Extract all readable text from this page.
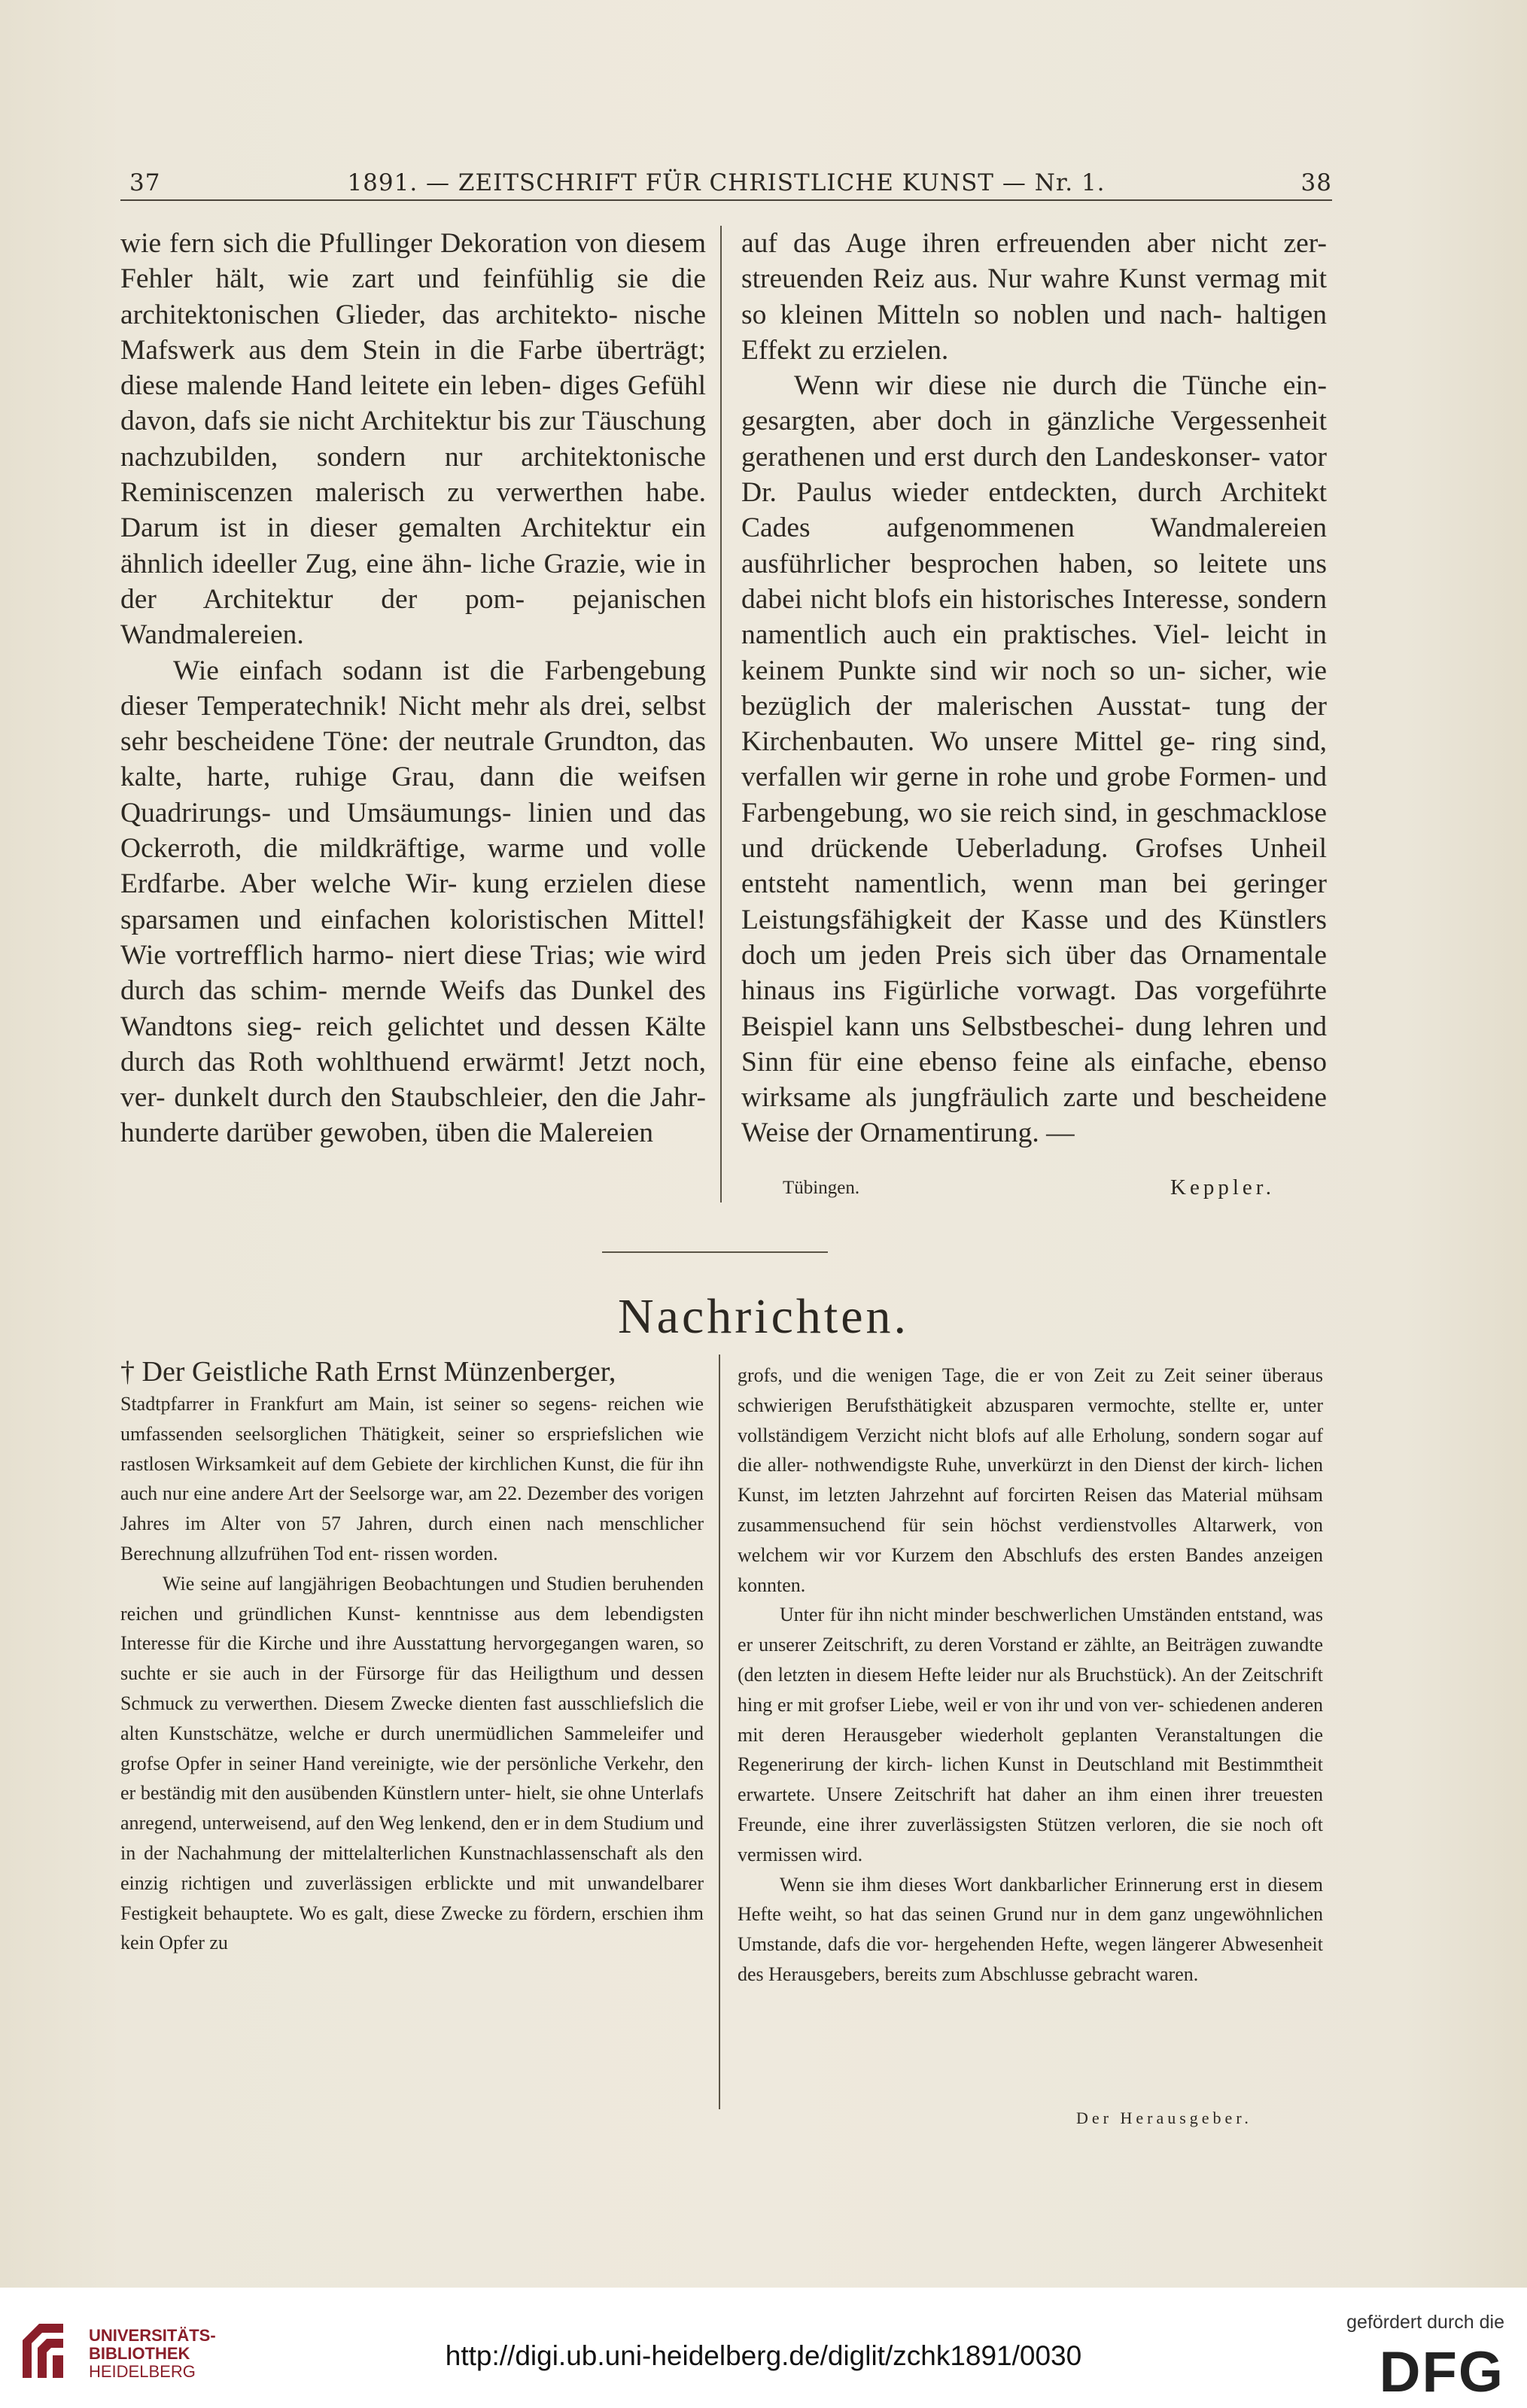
37	1891. — ZEITSCHRIFT FÜR CHRISTLICHE KUNST — Nr. 1.	38

wie fern sich die Pfullinger Dekoration von diesem Fehler hält, wie zart und feinfühlig sie die architektonischen Glieder, das architekto- nische Mafswerk aus dem Stein in die Farbe überträgt; diese malende Hand leitete ein leben- diges Gefühl davon, dafs sie nicht Architektur bis zur Täuschung nachzubilden, sondern nur architektonische Reminiscenzen malerisch zu verwerthen habe. Darum ist in dieser gemalten Architektur ein ähnlich ideeller Zug, eine ähn- liche Grazie, wie in der Architektur der pom- pejanischen Wandmalereien.

Wie einfach sodann ist die Farbengebung dieser Temperatechnik! Nicht mehr als drei, selbst sehr bescheidene Töne: der neutrale Grundton, das kalte, harte, ruhige Grau, dann die weifsen Quadrirungs- und Umsäumungs- linien und das Ockerroth, die mildkräftige, warme und volle Erdfarbe. Aber welche Wir- kung erzielen diese sparsamen und einfachen koloristischen Mittel! Wie vortrefflich harmo- niert diese Trias; wie wird durch das schim- mernde Weifs das Dunkel des Wandtons sieg- reich gelichtet und dessen Kälte durch das Roth wohlthuend erwärmt! Jetzt noch, ver- dunkelt durch den Staubschleier, den die Jahr- hunderte darüber gewoben, üben die Malereien

auf das Auge ihren erfreuenden aber nicht zer- streuenden Reiz aus. Nur wahre Kunst vermag mit so kleinen Mitteln so noblen und nach- haltigen Effekt zu erzielen.

Wenn wir diese nie durch die Tünche ein- gesargten, aber doch in gänzliche Vergessenheit gerathenen und erst durch den Landeskonser- vator Dr. Paulus wieder entdeckten, durch Architekt Cades aufgenommenen Wandmalereien ausführlicher besprochen haben, so leitete uns dabei nicht blofs ein historisches Interesse, sondern namentlich auch ein praktisches. Viel- leicht in keinem Punkte sind wir noch so un- sicher, wie bezüglich der malerischen Ausstat- tung der Kirchenbauten. Wo unsere Mittel ge- ring sind, verfallen wir gerne in rohe und grobe Formen- und Farbengebung, wo sie reich sind, in geschmacklose und drückende Ueberladung. Grofses Unheil entsteht namentlich, wenn man bei geringer Leistungsfähigkeit der Kasse und des Künstlers doch um jeden Preis sich über das Ornamentale hinaus ins Figürliche vorwagt. Das vorgeführte Beispiel kann uns Selbstbeschei- dung lehren und Sinn für eine ebenso feine als einfache, ebenso wirksame als jungfräulich zarte und bescheidene Weise der Ornamentirung. —

Tübingen.	Keppler.
Nachrichten.

† Der Geistliche Rath Ernst Münzenberger,

Stadtpfarrer in Frankfurt am Main, ist seiner so segens- reichen wie umfassenden seelsorglichen Thätigkeit, seiner so erspriefslichen wie rastlosen Wirksamkeit auf dem Gebiete der kirchlichen Kunst, die für ihn auch nur eine andere Art der Seelsorge war, am 22. Dezember des vorigen Jahres im Alter von 57 Jahren, durch einen nach menschlicher Berechnung allzufrühen Tod ent- rissen worden.

Wie seine auf langjährigen Beobachtungen und Studien beruhenden reichen und gründlichen Kunst- kenntnisse aus dem lebendigsten Interesse für die Kirche und ihre Ausstattung hervorgegangen waren, so suchte er sie auch in der Fürsorge für das Heiligthum und dessen Schmuck zu verwerthen. Diesem Zwecke dienten fast ausschliefslich die alten Kunstschätze, welche er durch unermüdlichen Sammeleifer und grofse Opfer in seiner Hand vereinigte, wie der persönliche Verkehr, den er beständig mit den ausübenden Künstlern unter- hielt, sie ohne Unterlafs anregend, unterweisend, auf den Weg lenkend, den er in dem Studium und in der Nachahmung der mittelalterlichen Kunstnachlassenschaft als den einzig richtigen und zuverlässigen erblickte und mit unwandelbarer Festigkeit behauptete. Wo es galt, diese Zwecke zu fördern, erschien ihm kein Opfer zu

grofs, und die wenigen Tage, die er von Zeit zu Zeit seiner überaus schwierigen Berufsthätigkeit abzusparen vermochte, stellte er, unter vollständigem Verzicht nicht blofs auf alle Erholung, sondern sogar auf die aller- nothwendigste Ruhe, unverkürzt in den Dienst der kirch- lichen Kunst, im letzten Jahrzehnt auf forcirten Reisen das Material mühsam zusammensuchend für sein höchst verdienstvolles Altarwerk, von welchem wir vor Kurzem den Abschlufs des ersten Bandes anzeigen konnten.

Unter für ihn nicht minder beschwerlichen Umständen entstand, was er unserer Zeitschrift, zu deren Vorstand er zählte, an Beiträgen zuwandte (den letzten in diesem Hefte leider nur als Bruchstück). An der Zeitschrift hing er mit grofser Liebe, weil er von ihr und von ver- schiedenen anderen mit deren Herausgeber wiederholt geplanten Veranstaltungen die Regenerirung der kirch- lichen Kunst in Deutschland mit Bestimmtheit erwartete. Unsere Zeitschrift hat daher an ihm einen ihrer treuesten Freunde, eine ihrer zuverlässigsten Stützen verloren, die sie noch oft vermissen wird.

Wenn sie ihm dieses Wort dankbarlicher Erinnerung erst in diesem Hefte weiht, so hat das seinen Grund nur in dem ganz ungewöhnlichen Umstande, dafs die vor- hergehenden Hefte, wegen längerer Abwesenheit des Herausgebers, bereits zum Abschlusse gebracht waren.

Der Herausgeber.
UNIVERSITÄTS-
BIBLIOTHEK
HEIDELBERG
http://digi.ub.uni-heidelberg.de/diglit/zchk1891/0030
gefördert durch die
DFG
